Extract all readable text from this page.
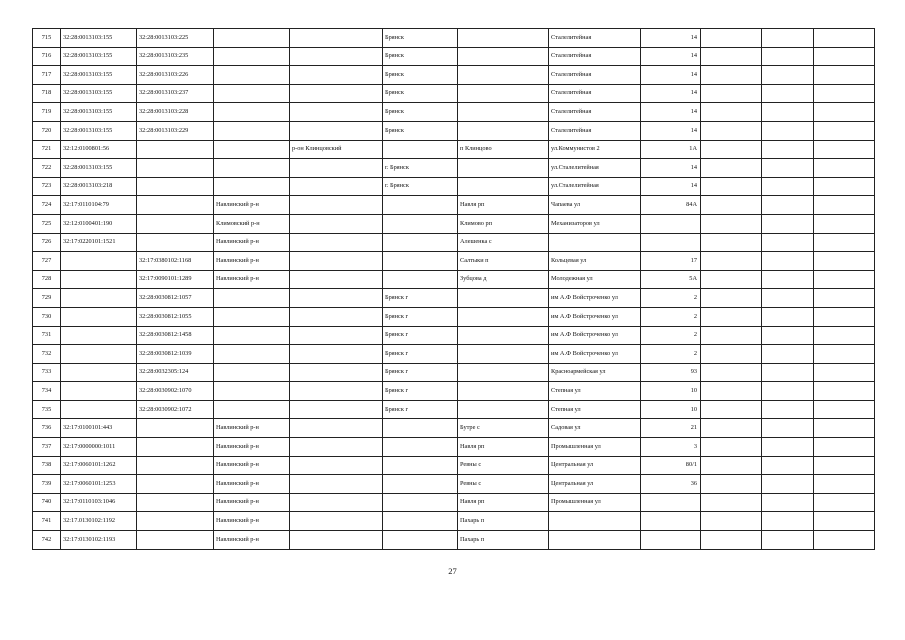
715	32:28:0013103:155	32:28:0013103:225			Брянск		Сталелитейная	14			
716	32:28:0013103:155	32:28:0013103:235			Брянск		Сталелитейная	14			
717	32:28:0013103:155	32:28:0013103:226			Брянск		Сталелитейная	14			
718	32:28:0013103:155	32:28:0013103:237			Брянск		Сталелитейная	14			
719	32:28:0013103:155	32:28:0013103:228			Брянск		Сталелитейная	14			
720	32:28:0013103:155	32:28:0013103:229			Брянск		Сталелитейная	14			
721	32:12:0100801:56			р-он Клинцовский		п Клинцово	ул.Коммунистов 2	1А			
722	32:28:0013103:155				г. Брянск		ул.Сталелитейная	14			
723	32:28:0013103:218				г. Брянск		ул.Сталелитейная	14			
724	32:17:0110104:79		Навлинский р-н			Навля рп	Чапаева ул	84А			
725	32:12:0100401:190		Климовский р-н			Климово рп	Механизаторов ул				
726	32:17:0220101:1521		Навлинский р-н			Алешенка с					
727		32:17:0380102:1168	Навлинский р-н			Салтыки п	Кольцевая ул	17			
728		32:17:0090101:1289	Навлинский р-н			Зубцова д	Молодежная ул	5А			
729		32:28:0030812:1057			Брянск г		им А.Ф Войстроченко ул	2			
730		32:28:0030812:1055			Брянск г		им А.Ф Войстроченко ул	2			
731		32:28:0030812:1458			Брянск г		им А.Ф Войстроченко ул	2			
732		32:28:0030812:1039			Брянск г		им А.Ф Войстроченко ул	2			
733		32:28:0032305:124			Брянск г		Красноармейская ул	93			
734		32:28:0030902:1070			Брянск г		Степная ул	10			
735		32:28:0030902:1072			Брянск г		Степная ул	10			
736	32:17:0100101:443		Навлинский р-н			Бутре с	Садовая ул	21			
737	32:17:0000000:1011		Навлинский р-н			Навля рп	Промышленная ул	3			
738	32:17:0060101:1262		Навлинский р-н			Ревны с	Центральная ул	80/1			
739	32:17:0060101:1253		Навлинский р-н			Ревны с	Центральная ул	36			
740	32:17:0110103:1046		Навлинский р-н			Навля рп	Промышленная ул				
741	32:17.0130102:1192		Навлинский р-н			Пахарь п					
742	32:17:0130102:1193		Навлинский р-н			Пахарь п					
27
